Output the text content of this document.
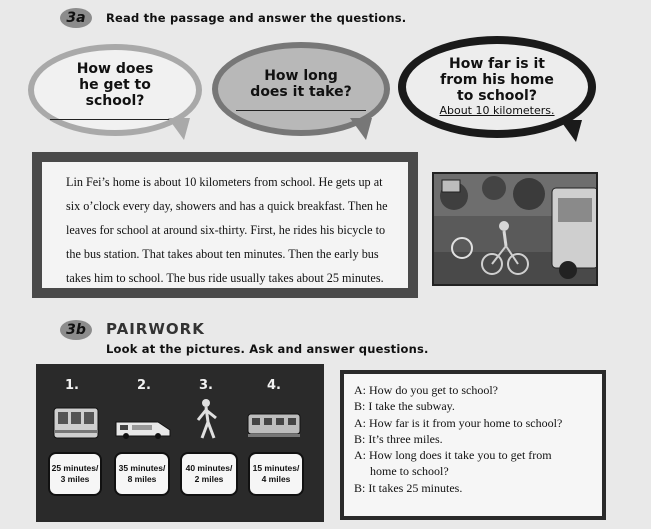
3a	Read the passage and answer the questions.
How does
he get to
school?
How long
does it take?
How far is it
from his home
to school?
About 10 kilometers.
Lin Fei’s home is about 10 kilometers from school. He gets up at six o’clock every day, showers and has a quick breakfast. Then he leaves for school at around six-thirty. First, he rides his bicycle to the bus station. That takes about ten minutes. Then the early bus takes him to school. The bus ride usually takes about 25 minutes.
3b	PAIRWORK
Look at the pictures. Ask and answer questions.
1.	2.	3.	4.
25 minutes/
3 miles
35 minutes/
8 miles
40 minutes/
2 miles
15 minutes/
4 miles
A: How do you get to school?
B: I take the subway.
A: How far is it from your home to school?
B: It’s three miles.
A: How long does it take you to get from
home to school?
B: It takes 25 minutes.
